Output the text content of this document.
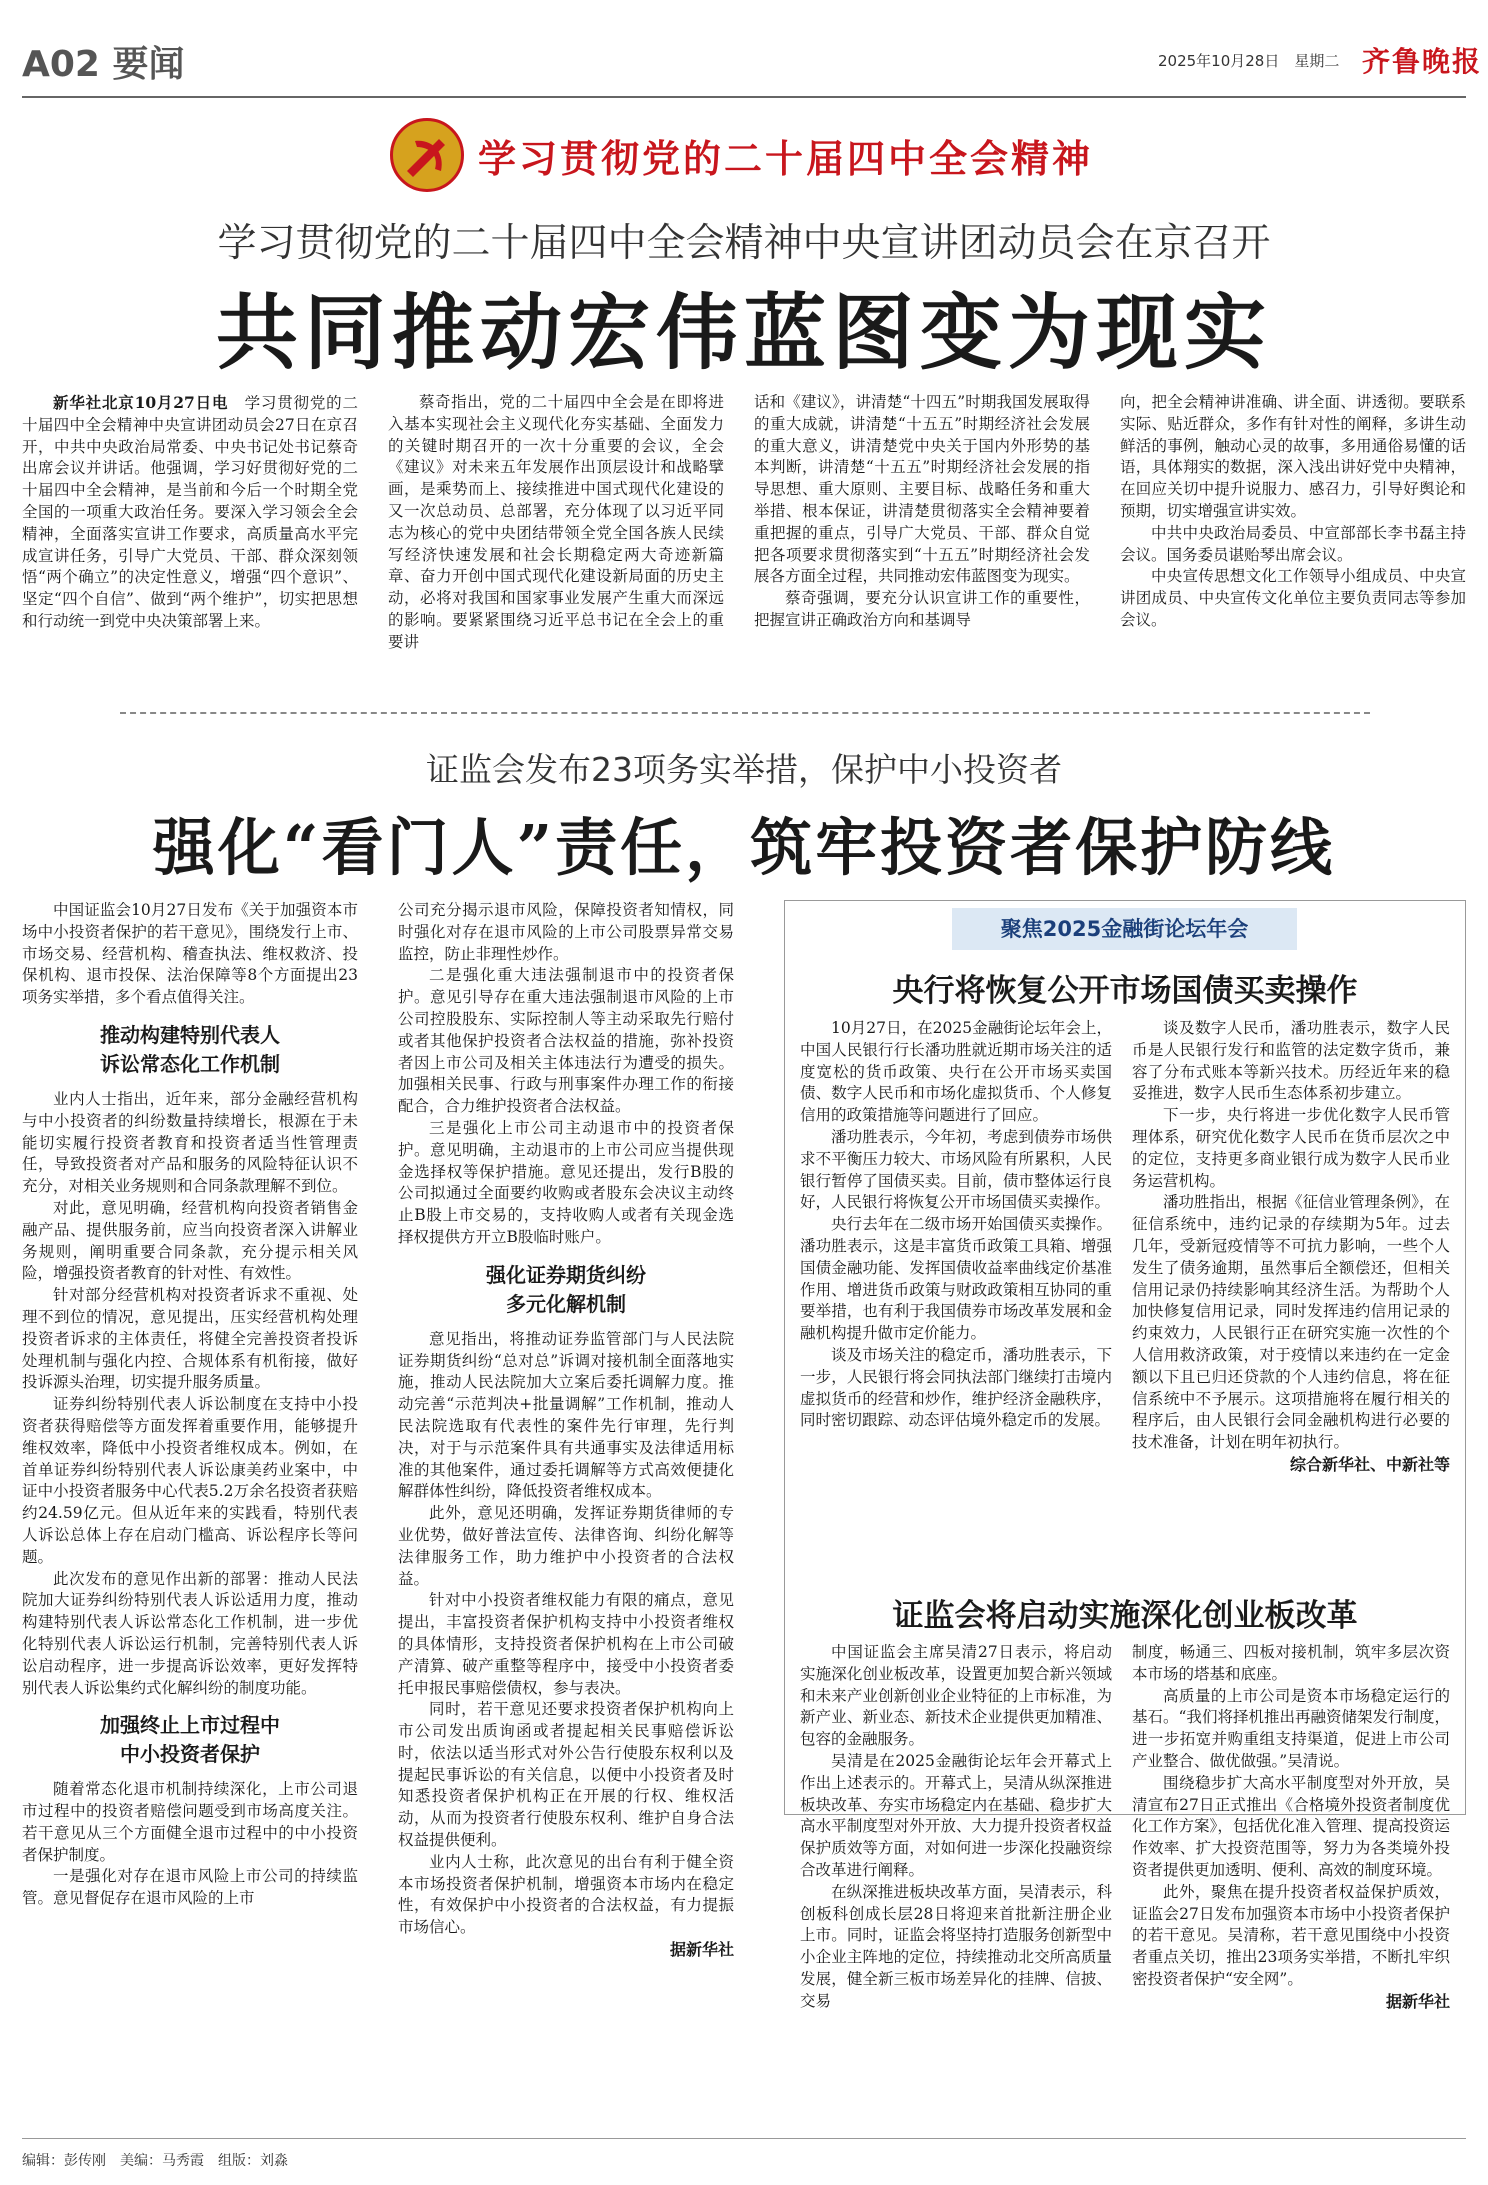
A02 要闻	2025年10月28日　星期二 齐鲁晚报
学习贯彻党的二十届四中全会精神
学习贯彻党的二十届四中全会精神中央宣讲团动员会在京召开
共同推动宏伟蓝图变为现实

新华社北京10月27日电　学习贯彻党的二十届四中全会精神中央宣讲团动员会27日在京召开，中共中央政治局常委、中央书记处书记蔡奇出席会议并讲话。他强调，学习好贯彻好党的二十届四中全会精神，是当前和今后一个时期全党全国的一项重大政治任务。要深入学习领会全会精神，全面落实宣讲工作要求，高质量高水平完成宣讲任务，引导广大党员、干部、群众深刻领悟“两个确立”的决定性意义，增强“四个意识”、坚定“四个自信”、做到“两个维护”，切实把思想和行动统一到党中央决策部署上来。

蔡奇指出，党的二十届四中全会是在即将进入基本实现社会主义现代化夯实基础、全面发力的关键时期召开的一次十分重要的会议，全会《建议》对未来五年发展作出顶层设计和战略擘画，是乘势而上、接续推进中国式现代化建设的又一次总动员、总部署，充分体现了以习近平同志为核心的党中央团结带领全党全国各族人民续写经济快速发展和社会长期稳定两大奇迹新篇章、奋力开创中国式现代化建设新局面的历史主动，必将对我国和国家事业发展产生重大而深远的影响。要紧紧围绕习近平总书记在全会上的重要讲

话和《建议》，讲清楚“十四五”时期我国发展取得的重大成就，讲清楚“十五五”时期经济社会发展的重大意义，讲清楚党中央关于国内外形势的基本判断，讲清楚“十五五”时期经济社会发展的指导思想、重大原则、主要目标、战略任务和重大举措、根本保证，讲清楚贯彻落实全会精神要着重把握的重点，引导广大党员、干部、群众自觉把各项要求贯彻落实到“十五五”时期经济社会发展各方面全过程，共同推动宏伟蓝图变为现实。

蔡奇强调，要充分认识宣讲工作的重要性，把握宣讲正确政治方向和基调导

向，把全会精神讲准确、讲全面、讲透彻。要联系实际、贴近群众，多作有针对性的阐释，多讲生动鲜活的事例，触动心灵的故事，多用通俗易懂的话语，具体翔实的数据，深入浅出讲好党中央精神，在回应关切中提升说服力、感召力，引导好舆论和预期，切实增强宣讲实效。

中共中央政治局委员、中宣部部长李书磊主持会议。国务委员谌贻琴出席会议。

中央宣传思想文化工作领导小组成员、中央宣讲团成员、中央宣传文化单位主要负责同志等参加会议。

证监会发布23项务实举措，保护中小投资者
强化“看门人”责任，筑牢投资者保护防线

中国证监会10月27日发布《关于加强资本市场中小投资者保护的若干意见》，围绕发行上市、市场交易、经营机构、稽查执法、维权救济、投保机构、退市投保、法治保障等8个方面提出23项务实举措，多个看点值得关注。

推动构建特别代表人
诉讼常态化工作机制

业内人士指出，近年来，部分金融经营机构与中小投资者的纠纷数量持续增长，根源在于未能切实履行投资者教育和投资者适当性管理责任，导致投资者对产品和服务的风险特征认识不充分，对相关业务规则和合同条款理解不到位。

对此，意见明确，经营机构向投资者销售金融产品、提供服务前，应当向投资者深入讲解业务规则，阐明重要合同条款，充分提示相关风险，增强投资者教育的针对性、有效性。

针对部分经营机构对投资者诉求不重视、处理不到位的情况，意见提出，压实经营机构处理投资者诉求的主体责任，将健全完善投资者投诉处理机制与强化内控、合规体系有机衔接，做好投诉源头治理，切实提升服务质量。

证券纠纷特别代表人诉讼制度在支持中小投资者获得赔偿等方面发挥着重要作用，能够提升维权效率，降低中小投资者维权成本。例如，在首单证券纠纷特别代表人诉讼康美药业案中，中证中小投资者服务中心代表5.2万余名投资者获赔约24.59亿元。但从近年来的实践看，特别代表人诉讼总体上存在启动门槛高、诉讼程序长等问题。

此次发布的意见作出新的部署：推动人民法院加大证券纠纷特别代表人诉讼适用力度，推动构建特别代表人诉讼常态化工作机制，进一步优化特别代表人诉讼运行机制，完善特别代表人诉讼启动程序，进一步提高诉讼效率，更好发挥特别代表人诉讼集约式化解纠纷的制度功能。

加强终止上市过程中
中小投资者保护

随着常态化退市机制持续深化，上市公司退市过程中的投资者赔偿问题受到市场高度关注。若干意见从三个方面健全退市过程中的中小投资者保护制度。

一是强化对存在退市风险上市公司的持续监管。意见督促存在退市风险的上市

公司充分揭示退市风险，保障投资者知情权，同时强化对存在退市风险的上市公司股票异常交易监控，防止非理性炒作。

二是强化重大违法强制退市中的投资者保护。意见引导存在重大违法强制退市风险的上市公司控股股东、实际控制人等主动采取先行赔付或者其他保护投资者合法权益的措施，弥补投资者因上市公司及相关主体违法行为遭受的损失。加强相关民事、行政与刑事案件办理工作的衔接配合，合力维护投资者合法权益。

三是强化上市公司主动退市中的投资者保护。意见明确，主动退市的上市公司应当提供现金选择权等保护措施。意见还提出，发行B股的公司拟通过全面要约收购或者股东会决议主动终止B股上市交易的，支持收购人或者有关现金选择权提供方开立B股临时账户。

强化证券期货纠纷
多元化解机制

意见指出，将推动证券监管部门与人民法院证券期货纠纷“总对总”诉调对接机制全面落地实施，推动人民法院加大立案后委托调解力度。推动完善“示范判决+批量调解”工作机制，推动人民法院选取有代表性的案件先行审理，先行判决，对于与示范案件具有共通事实及法律适用标准的其他案件，通过委托调解等方式高效便捷化解群体性纠纷，降低投资者维权成本。

此外，意见还明确，发挥证券期货律师的专业优势，做好普法宣传、法律咨询、纠纷化解等法律服务工作，助力维护中小投资者的合法权益。

针对中小投资者维权能力有限的痛点，意见提出，丰富投资者保护机构支持中小投资者维权的具体情形，支持投资者保护机构在上市公司破产清算、破产重整等程序中，接受中小投资者委托申报民事赔偿债权，参与表决。

同时，若干意见还要求投资者保护机构向上市公司发出质询函或者提起相关民事赔偿诉讼时，依法以适当形式对外公告行使股东权利以及提起民事诉讼的有关信息，以便中小投资者及时知悉投资者保护机构正在开展的行权、维权活动，从而为投资者行使股东权利、维护自身合法权益提供便利。

业内人士称，此次意见的出台有利于健全资本市场投资者保护机制，增强资本市场内在稳定性，有效保护中小投资者的合法权益，有力提振市场信心。

据新华社

聚焦2025金融街论坛年会
央行将恢复公开市场国债买卖操作

10月27日，在2025金融街论坛年会上，中国人民银行行长潘功胜就近期市场关注的适度宽松的货币政策、央行在公开市场买卖国债、数字人民币和市场化虚拟货币、个人修复信用的政策措施等问题进行了回应。

潘功胜表示，今年初，考虑到债券市场供求不平衡压力较大、市场风险有所累积，人民银行暂停了国债买卖。目前，债市整体运行良好，人民银行将恢复公开市场国债买卖操作。

央行去年在二级市场开始国债买卖操作。潘功胜表示，这是丰富货币政策工具箱、增强国债金融功能、发挥国债收益率曲线定价基准作用、增进货币政策与财政政策相互协同的重要举措，也有利于我国债券市场改革发展和金融机构提升做市定价能力。

谈及市场关注的稳定币，潘功胜表示，下一步，人民银行将会同执法部门继续打击境内虚拟货币的经营和炒作，维护经济金融秩序，同时密切跟踪、动态评估境外稳定币的发展。

谈及数字人民币，潘功胜表示，数字人民币是人民银行发行和监管的法定数字货币，兼容了分布式账本等新兴技术。历经近年来的稳妥推进，数字人民币生态体系初步建立。

下一步，央行将进一步优化数字人民币管理体系，研究优化数字人民币在货币层次之中的定位，支持更多商业银行成为数字人民币业务运营机构。

潘功胜指出，根据《征信业管理条例》，在征信系统中，违约记录的存续期为5年。过去几年，受新冠疫情等不可抗力影响，一些个人发生了债务逾期，虽然事后全额偿还，但相关信用记录仍持续影响其经济生活。为帮助个人加快修复信用记录，同时发挥违约信用记录的约束效力，人民银行正在研究实施一次性的个人信用救济政策，对于疫情以来违约在一定金额以下且已归还贷款的个人违约信息，将在征信系统中不予展示。这项措施将在履行相关的程序后，由人民银行会同金融机构进行必要的技术准备，计划在明年初执行。

综合新华社、中新社等

证监会将启动实施深化创业板改革

中国证监会主席吴清27日表示，将启动实施深化创业板改革，设置更加契合新兴领域和未来产业创新创业企业特征的上市标准，为新产业、新业态、新技术企业提供更加精准、包容的金融服务。

吴清是在2025金融街论坛年会开幕式上作出上述表示的。开幕式上，吴清从纵深推进板块改革、夯实市场稳定内在基础、稳步扩大高水平制度型对外开放、大力提升投资者权益保护质效等方面，对如何进一步深化投融资综合改革进行阐释。

在纵深推进板块改革方面，吴清表示，科创板科创成长层28日将迎来首批新注册企业上市。同时，证监会将坚持打造服务创新型中小企业主阵地的定位，持续推动北交所高质量发展，健全新三板市场差异化的挂牌、信披、交易

制度，畅通三、四板对接机制，筑牢多层次资本市场的塔基和底座。

高质量的上市公司是资本市场稳定运行的基石。“我们将择机推出再融资储架发行制度，进一步拓宽并购重组支持渠道，促进上市公司产业整合、做优做强。”吴清说。

围绕稳步扩大高水平制度型对外开放，吴清宣布27日正式推出《合格境外投资者制度优化工作方案》，包括优化准入管理、提高投资运作效率、扩大投资范围等，努力为各类境外投资者提供更加透明、便利、高效的制度环境。

此外，聚焦在提升投资者权益保护质效，证监会27日发布加强资本市场中小投资者保护的若干意见。吴清称，若干意见围绕中小投资者重点关切，推出23项务实举措，不断扎牢织密投资者保护“安全网”。

据新华社

编辑：彭传刚　美编：马秀霞　组版：刘淼
